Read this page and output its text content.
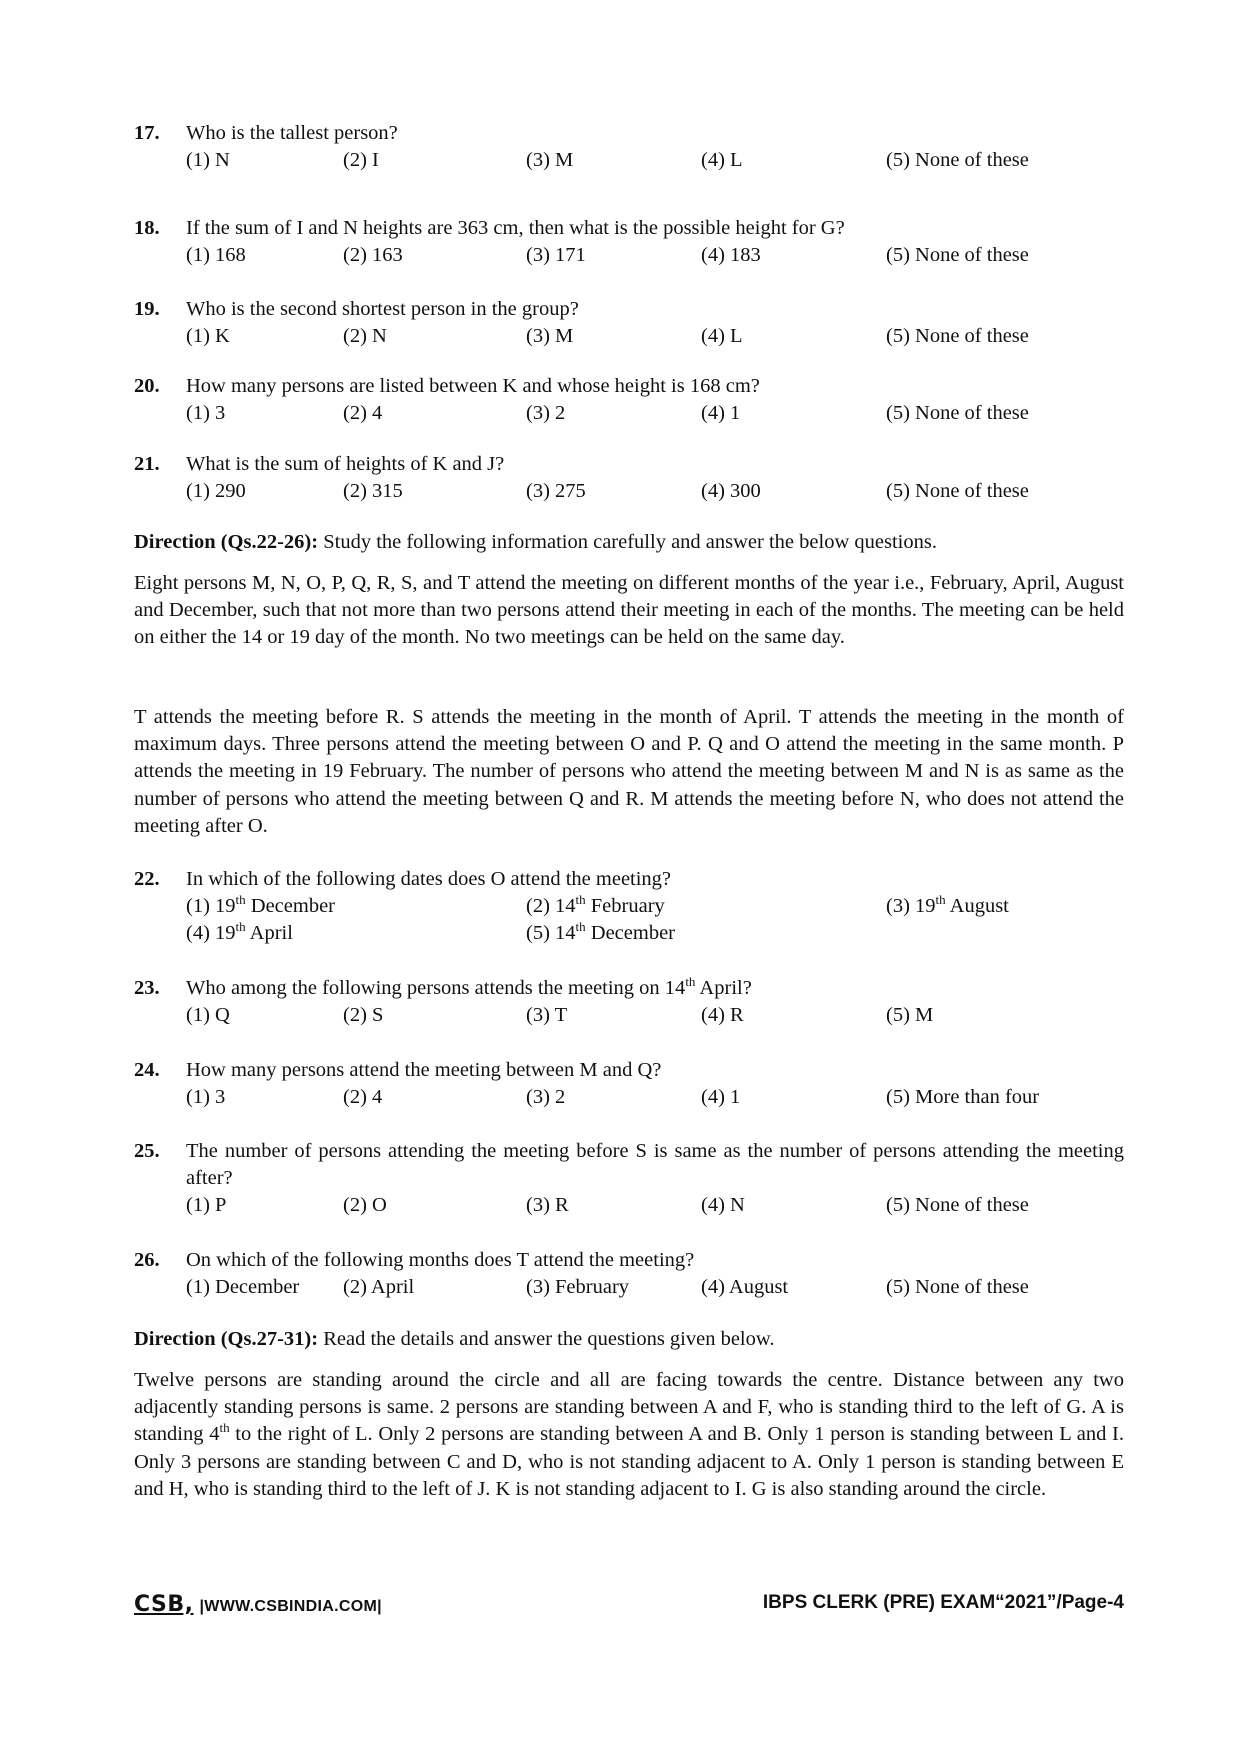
17.	Who is the tallest person?
(1) N	(2) I	(3) M	(4) L	(5) None of these
18.	If the sum of I and N heights are 363 cm, then what is the possible height for G?
(1) 168	(2) 163	(3) 171	(4) 183	(5) None of these
19.	Who is the second shortest person in the group?
(1) K	(2) N	(3) M	(4) L	(5) None of these
20.	How many persons are listed between K and whose height is 168 cm?
(1) 3	(2) 4	(3) 2	(4) 1	(5) None of these
21.	What is the sum of heights of K and J?
(1) 290	(2) 315	(3) 275	(4) 300	(5) None of these
Direction (Qs.22-26): Study the following information carefully and answer the below questions.

Eight persons M, N, O, P, Q, R, S, and T attend the meeting on different months of the year i.e., February, April, August and December, such that not more than two persons attend their meeting in each of the months. The meeting can be held on either the 14 or 19 day of the month. No two meetings can be held on the same day.

T attends the meeting before R. S attends the meeting in the month of April. T attends the meeting in the month of maximum days. Three persons attend the meeting between O and P. Q and O attend the meeting in the same month. P attends the meeting in 19 February. The number of persons who attend the meeting between M and N is as same as the number of persons who attend the meeting between Q and R. M attends the meeting before N, who does not attend the meeting after O.

22.	In which of the following dates does O attend the meeting?
(1) 19th December	(2) 14th February	(3) 19th August
(4) 19th April	(5) 14th December
23.	Who among the following persons attends the meeting on 14th April?
(1) Q	(2) S	(3) T	(4) R	(5) M
24.	How many persons attend the meeting between M and Q?
(1) 3	(2) 4	(3) 2	(4) 1	(5) More than four
25.	The number of persons attending the meeting before S is same as the number of persons attending the meeting after?
(1) P	(2) O	(3) R	(4) N	(5) None of these
26.	On which of the following months does T attend the meeting?
(1) December (2) April	(3) February	(4) August	(5) None of these
Direction (Qs.27-31): Read the details and answer the questions given below.

Twelve persons are standing around the circle and all are facing towards the centre. Distance between any two adjacently standing persons is same. 2 persons are standing between A and F, who is standing third to the left of G. A is standing 4th to the right of L. Only 2 persons are standing between A and B. Only 1 person is standing between L and I. Only 3 persons are standing between C and D, who is not standing adjacent to A. Only 1 person is standing between E and H, who is standing third to the left of J. K is not standing adjacent to I. G is also standing around the circle.

CSB, |WWW.CSBINDIA.COM|	IBPS CLERK (PRE) EXAM“2021”/Page-4
